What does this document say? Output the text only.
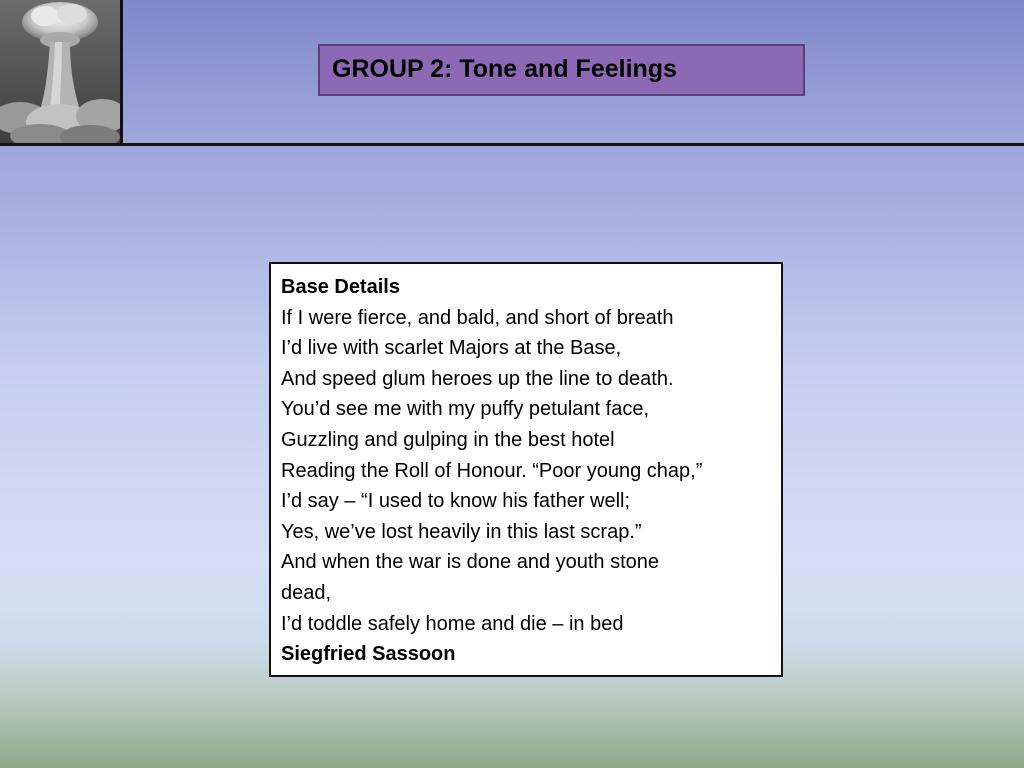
GROUP 2: Tone and Feelings
Base Details
If I were fierce, and bald, and short of breath
I’d live with scarlet Majors at the Base,
And speed glum heroes up the line to death.
You’d see me with my puffy petulant face,
Guzzling and gulping in the best hotel
Reading the Roll of Honour. “Poor young chap,”
I’d say – “I used to know his father well;
Yes, we’ve lost heavily in this last scrap.”
And when the war is done and youth stone
dead,
I’d toddle safely home and die – in bed
Siegfried Sassoon
